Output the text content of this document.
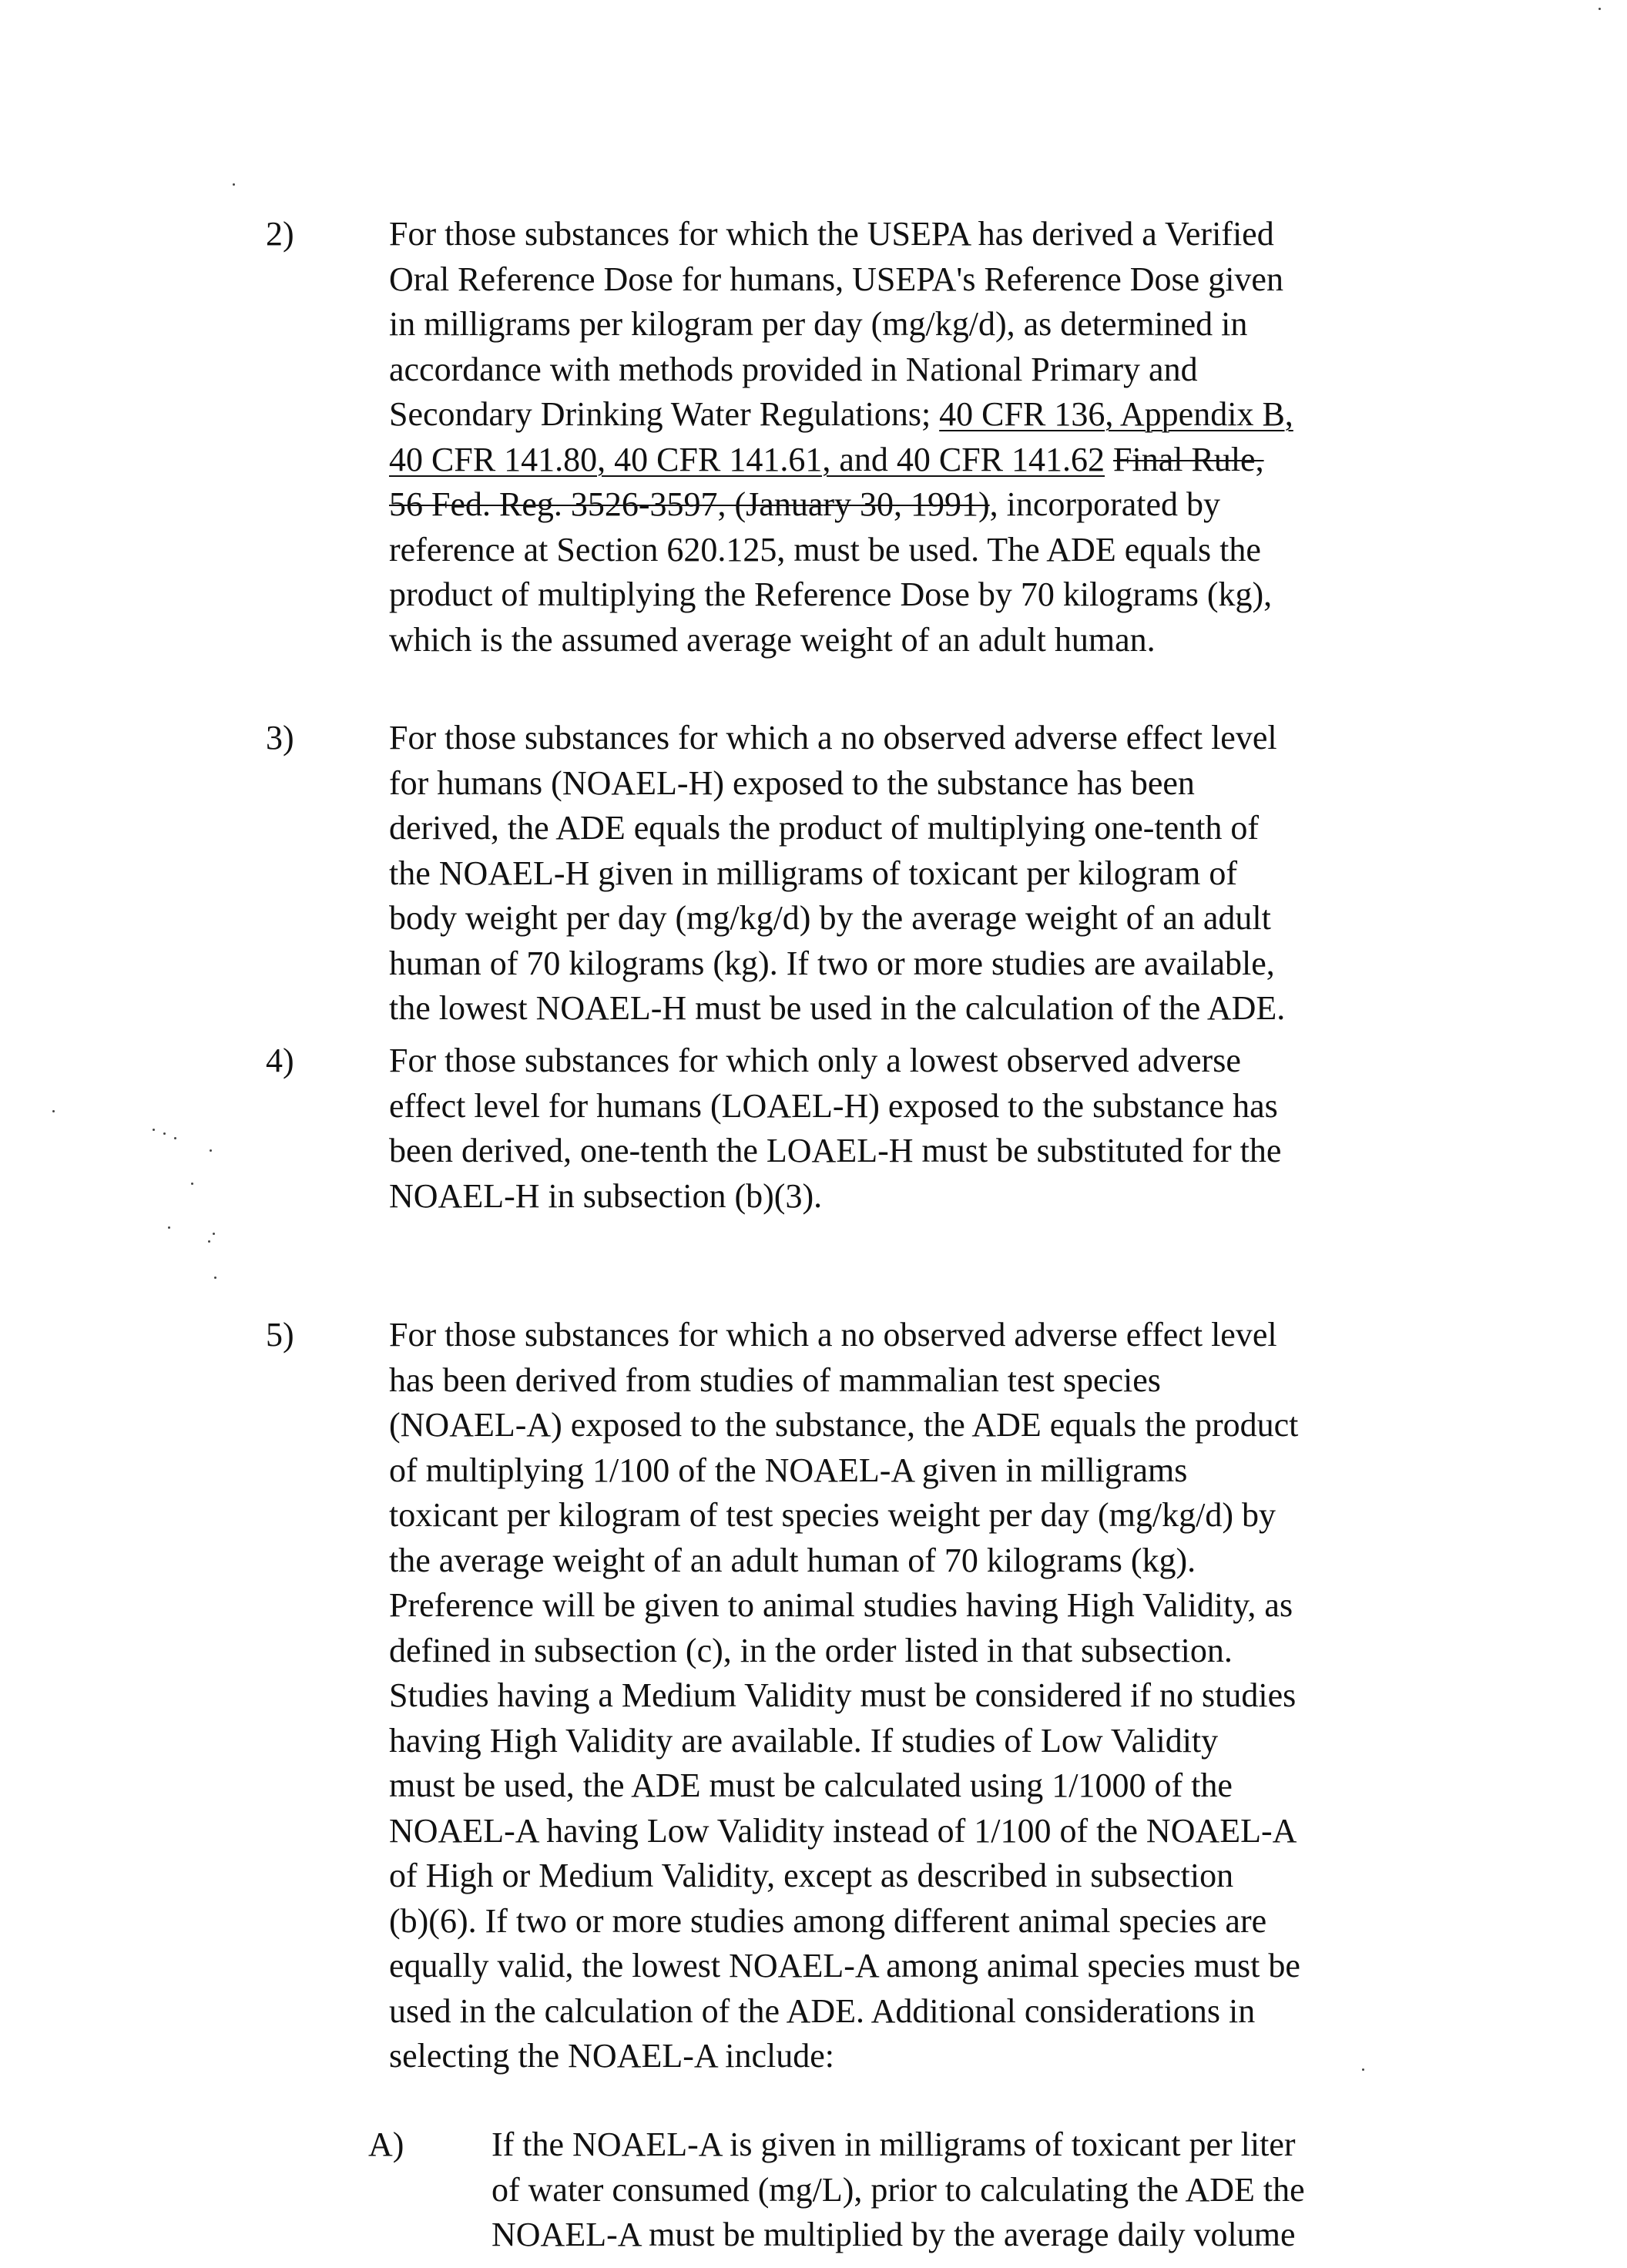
2)	For those substances for which the USEPA has derived a Verified
Oral Reference Dose for humans, USEPA's Reference Dose given
in milligrams per kilogram per day (mg/kg/d), as determined in
accordance with methods provided in National Primary and
Secondary Drinking Water Regulations; 40 CFR 136, Appendix B,
40 CFR 141.80, 40 CFR 141.61, and 40 CFR 141.62 Final Rule,
56 Fed. Reg. 3526-3597, (January 30, 1991), incorporated by
reference at Section 620.125, must be used. The ADE equals the
product of multiplying the Reference Dose by 70 kilograms (kg),
which is the assumed average weight of an adult human.
3)	For those substances for which a no observed adverse effect level
for humans (NOAEL-H) exposed to the substance has been
derived, the ADE equals the product of multiplying one-tenth of
the NOAEL-H given in milligrams of toxicant per kilogram of
body weight per day (mg/kg/d) by the average weight of an adult
human of 70 kilograms (kg). If two or more studies are available,
the lowest NOAEL-H must be used in the calculation of the ADE.
4)	For those substances for which only a lowest observed adverse
effect level for humans (LOAEL-H) exposed to the substance has
been derived, one-tenth the LOAEL-H must be substituted for the
NOAEL-H in subsection (b)(3).
5)	For those substances for which a no observed adverse effect level
has been derived from studies of mammalian test species
(NOAEL-A) exposed to the substance, the ADE equals the product
of multiplying 1/100 of the NOAEL-A given in milligrams
toxicant per kilogram of test species weight per day (mg/kg/d) by
the average weight of an adult human of 70 kilograms (kg).
Preference will be given to animal studies having High Validity, as
defined in subsection (c), in the order listed in that subsection.
Studies having a Medium Validity must be considered if no studies
having High Validity are available. If studies of Low Validity
must be used, the ADE must be calculated using 1/1000 of the
NOAEL-A having Low Validity instead of 1/100 of the NOAEL-A
of High or Medium Validity, except as described in subsection
(b)(6). If two or more studies among different animal species are
equally valid, the lowest NOAEL-A among animal species must be
used in the calculation of the ADE. Additional considerations in
selecting the NOAEL-A include:
A)	If the NOAEL-A is given in milligrams of toxicant per liter
of water consumed (mg/L), prior to calculating the ADE the
NOAEL-A must be multiplied by the average daily volume
